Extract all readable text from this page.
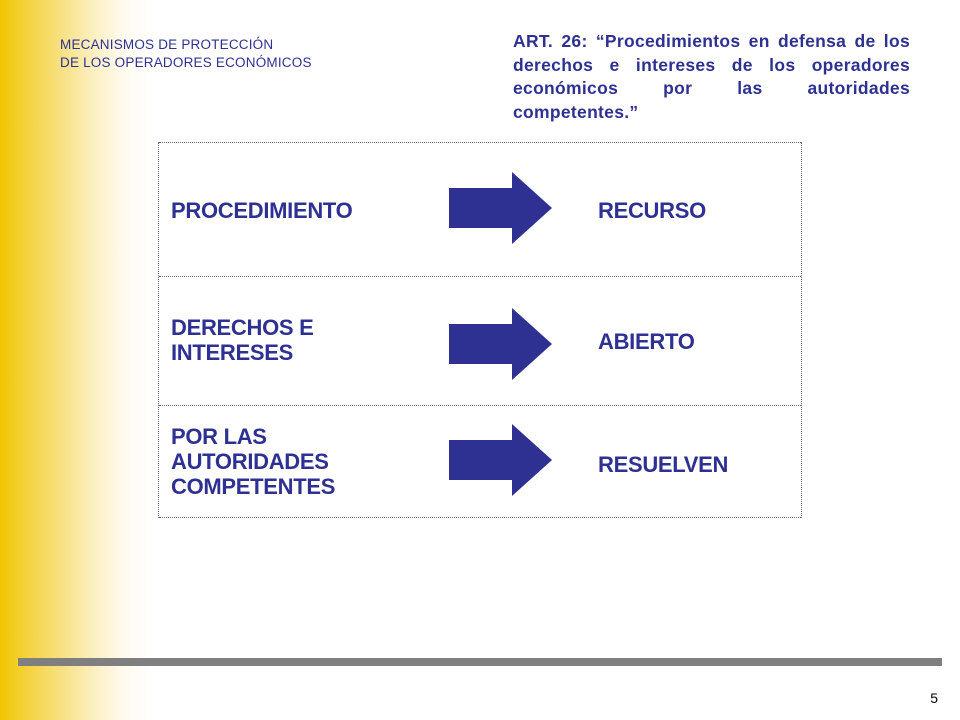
MECANISMOS DE PROTECCIÓN
DE LOS OPERADORES ECONÓMICOS
ART. 26: “Procedimientos en defensa de los derechos e intereses de los operadores económicos por las autoridades competentes.”
PROCEDIMIENTO	RECURSO
DERECHOS E
INTERESES	ABIERTO
POR LAS
AUTORIDADES
COMPETENTES
RESUELVEN
5
